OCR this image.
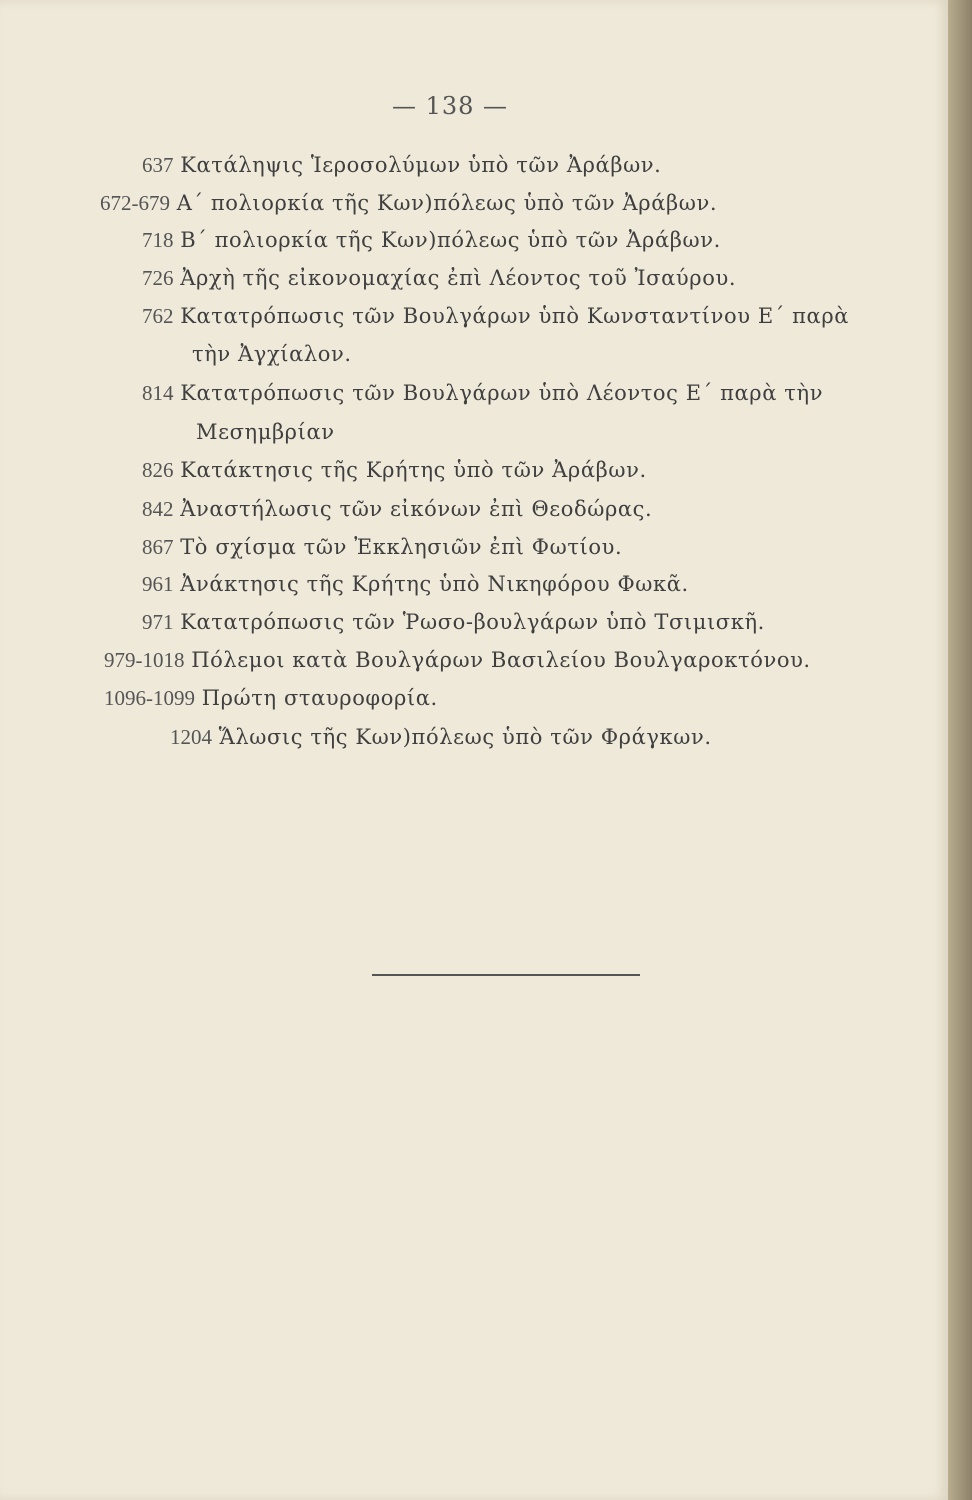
— 138 —
637 Κατάληψις Ἱεροσολύμων ὑπὸ τῶν Ἀράβων.
672-679 Α΄ πολιορκία τῆς Κων)πόλεως ὑπὸ τῶν Ἀράβων.
718 Β΄ πολιορκία τῆς Κων)πόλεως ὑπὸ τῶν Ἀράβων.
726 Ἀρχὴ τῆς εἰκονομαχίας ἐπὶ Λέοντος τοῦ Ἰσαύρου.
762 Κατατρόπωσις τῶν Βουλγάρων ὑπὸ Κωνσταντίνου Ε΄ παρὰ
τὴν Ἀγχίαλον.
814 Κατατρόπωσις τῶν Βουλγάρων ὑπὸ Λέοντος Ε΄ παρὰ τὴν
Μεσημβρίαν
826 Κατάκτησις τῆς Κρήτης ὑπὸ τῶν Ἀράβων.
842 Ἀναστήλωσις τῶν εἰκόνων ἐπὶ Θεοδώρας.
867 Τὸ σχίσμα τῶν Ἐκκλησιῶν ἐπὶ Φωτίου.
961 Ἀνάκτησις τῆς Κρήτης ὑπὸ Νικηφόρου Φωκᾶ.
971 Κατατρόπωσις τῶν Ῥωσο-βουλγάρων ὑπὸ Τσιμισκῆ.
979-1018 Πόλεμοι κατὰ Βουλγάρων Βασιλείου Βουλγαροκτόνου.
1096-1099 Πρώτη σταυροφορία.
1204 Ἅλωσις τῆς Κων)πόλεως ὑπὸ τῶν Φράγκων.
